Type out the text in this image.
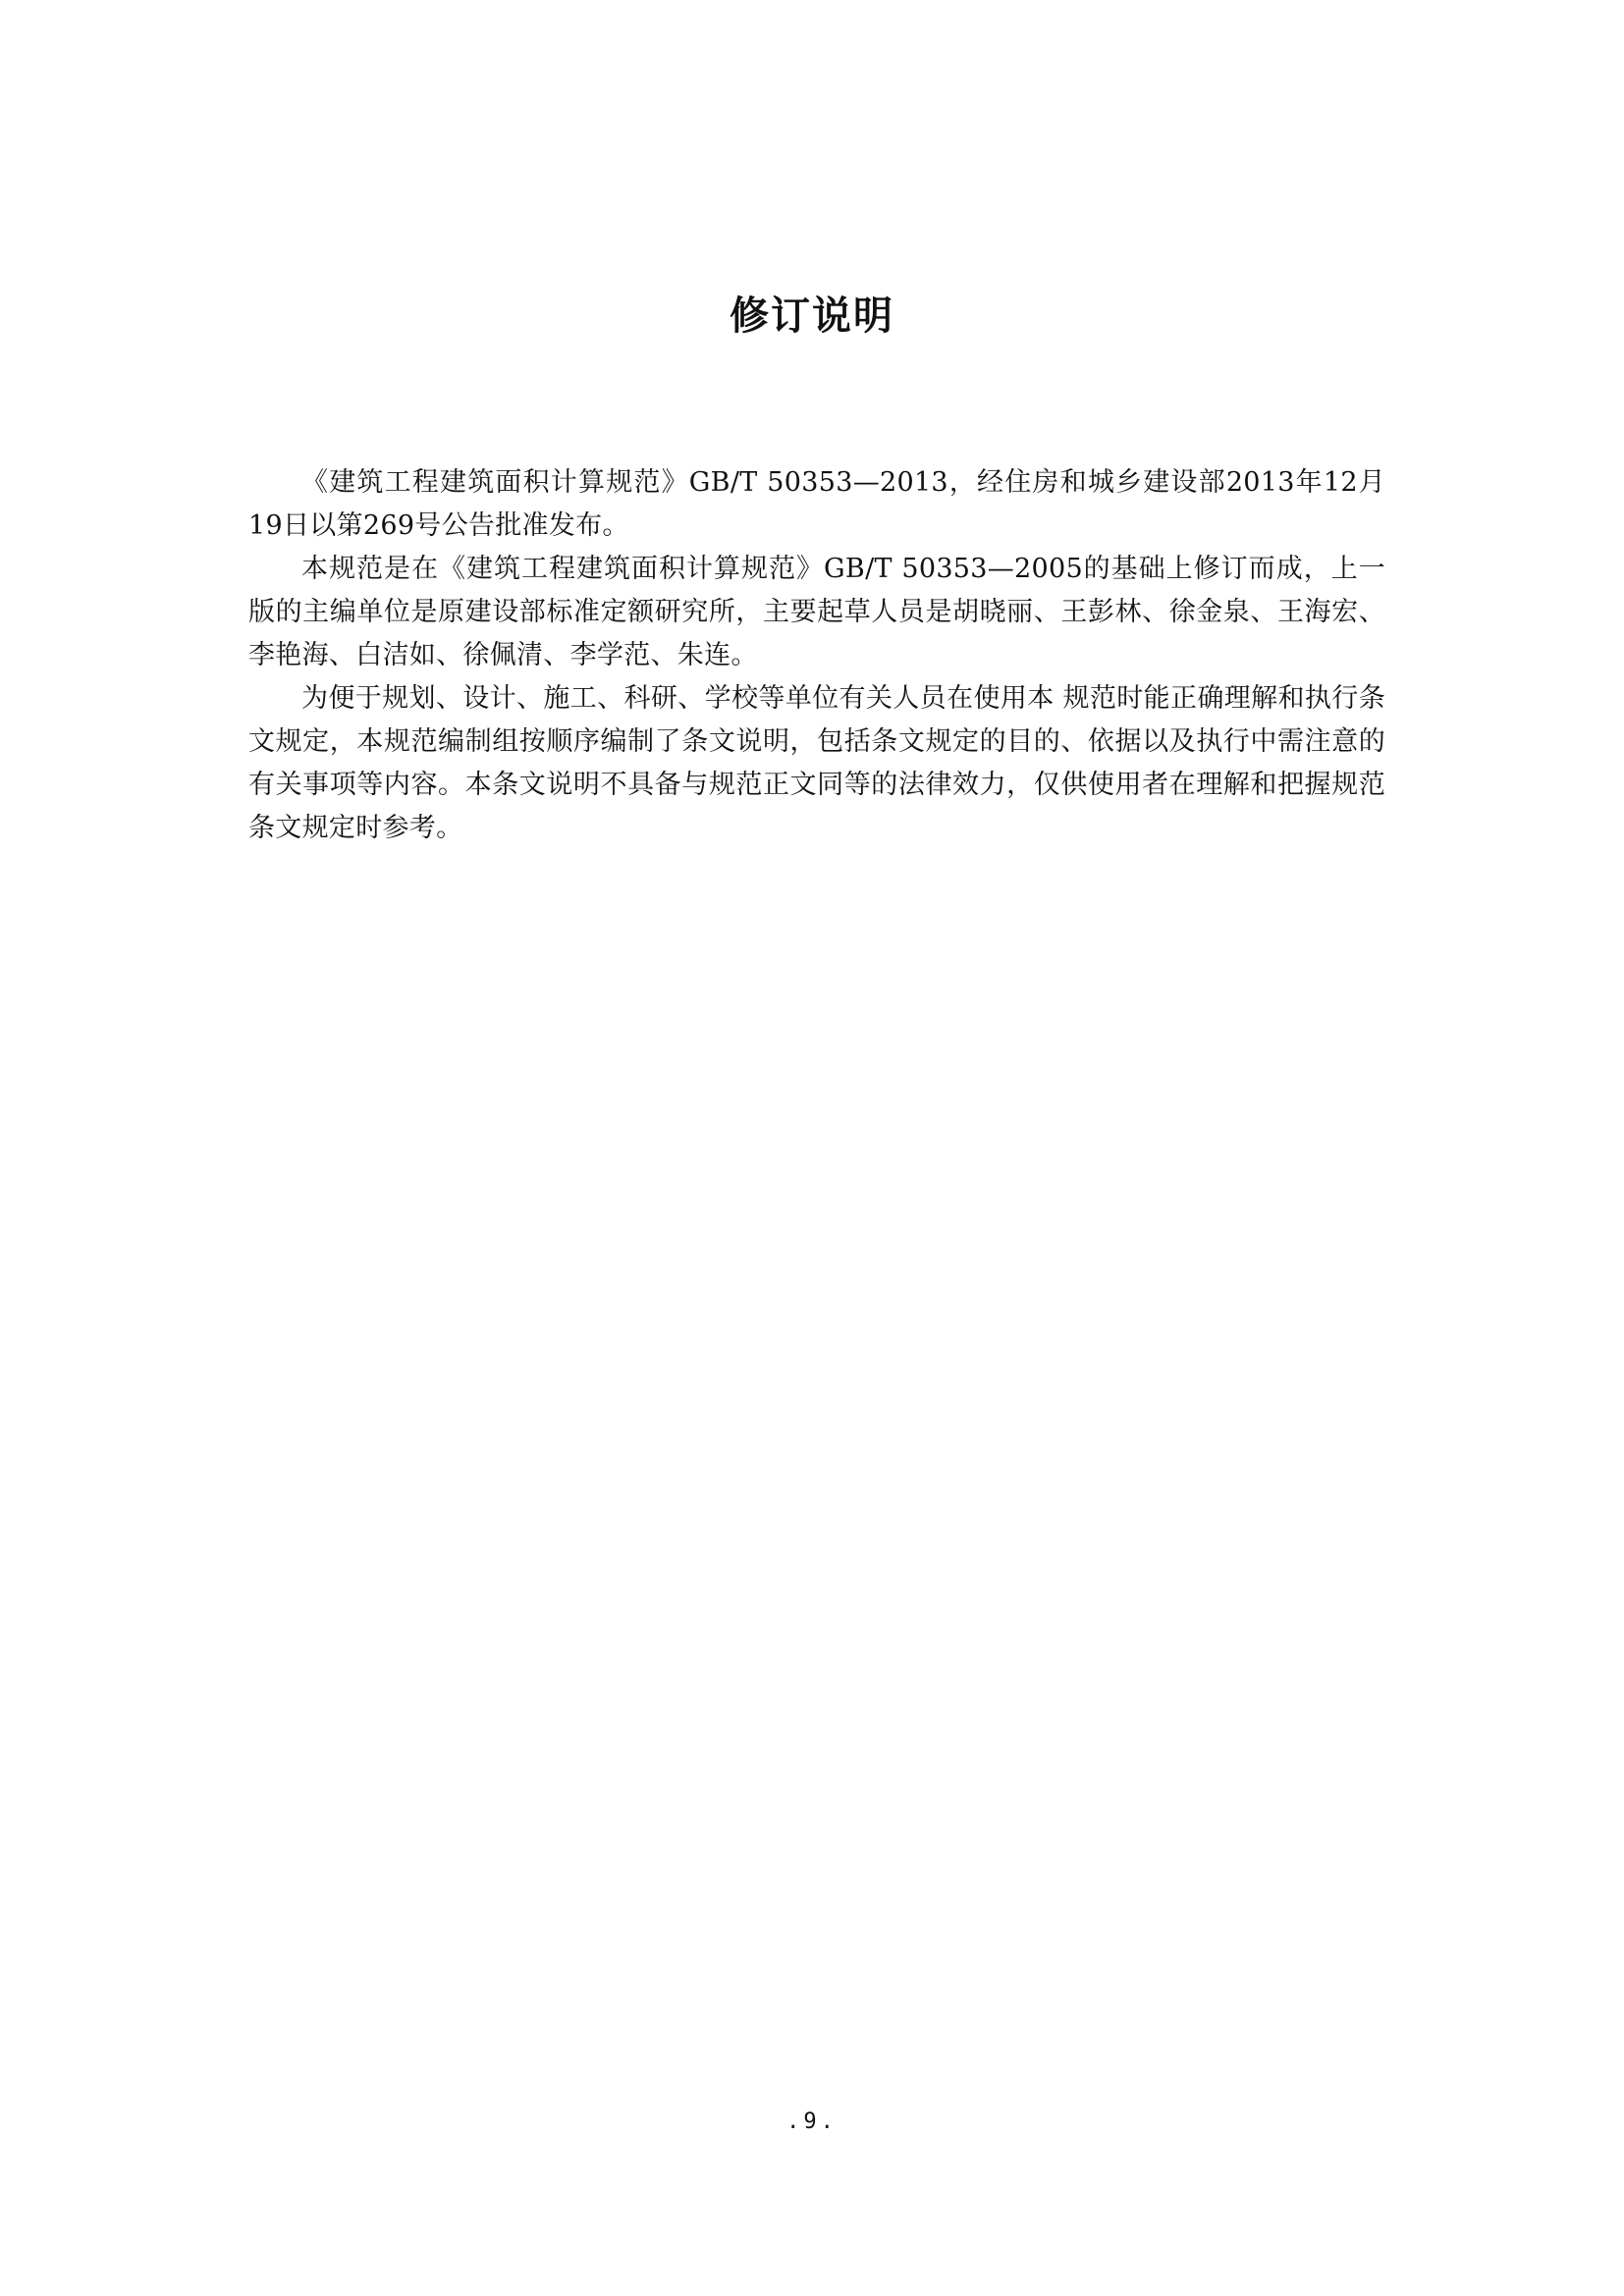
修订说明

《建筑工程建筑面积计算规范》GB/T 50353—2013，经住房和城乡建设部2013年12月19日以第269号公告批准发布。

本规范是在《建筑工程建筑面积计算规范》GB/T 50353—2005的基础上修订而成，上一版的主编单位是原建设部标准定额研究所，主要起草人员是胡晓丽、王彭林、徐金泉、王海宏、李艳海、白洁如、徐佩清、李学范、朱连。

为便于规划、设计、施工、科研、学校等单位有关人员在使用本 规范时能正确理解和执行条文规定，本规范编制组按顺序编制了条文说明，包括条文规定的目的、依据以及执行中需注意的有关事项等内容。本条文说明不具备与规范正文同等的法律效力，仅供使用者在理解和把握规范条文规定时参考。

.9.
